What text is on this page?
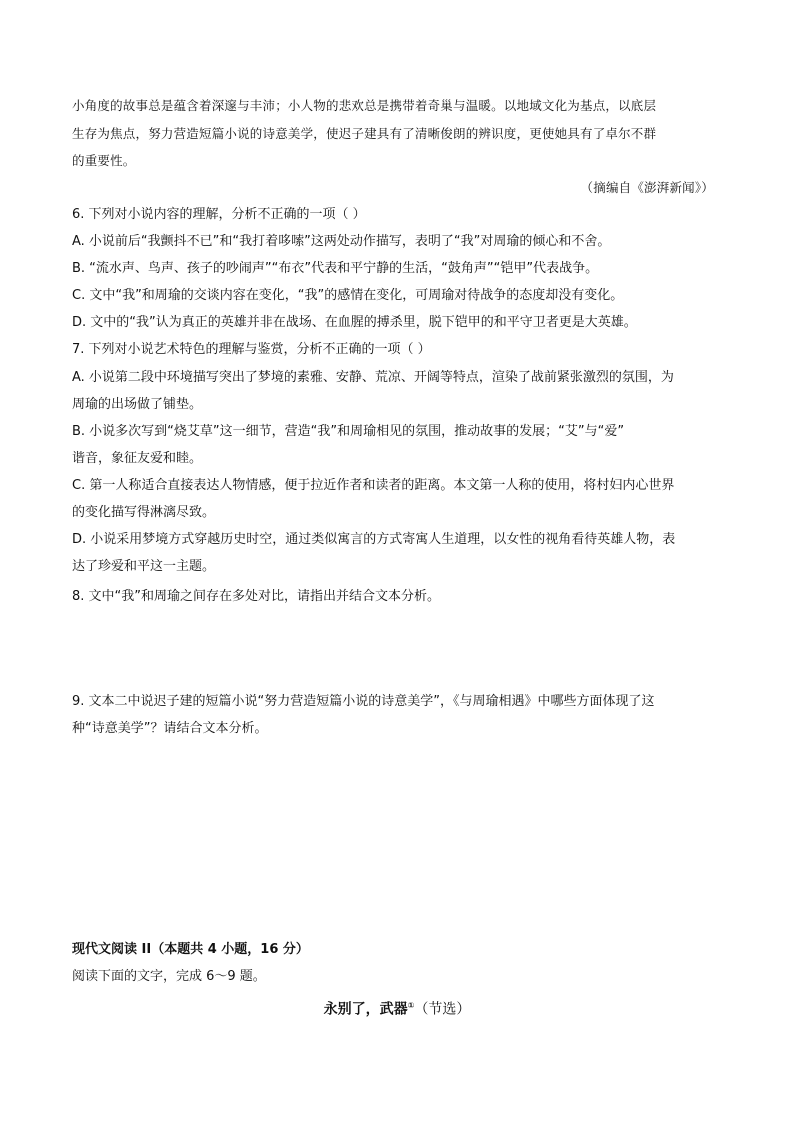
小角度的故事总是蕴含着深邃与丰沛；小人物的悲欢总是携带着奇巢与温暖。以地域文化为基点，以底层
生存为焦点，努力营造短篇小说的诗意美学，使迟子建具有了清晰俊朗的辨识度，更使她具有了卓尔不群
的重要性。
（摘编自《澎湃新闻》）
6. 下列对小说内容的理解，分析不正确的一项（ ）
A. 小说前后“我颤抖不已”和“我打着哆嗦”这两处动作描写，表明了“我”对周瑜的倾心和不舍。
B. “流水声、鸟声、孩子的吵闹声”“布衣”代表和平宁静的生活，“鼓角声”“铠甲”代表战争。
C. 文中“我”和周瑜的交谈内容在变化，“我”的感情在变化，可周瑜对待战争的态度却没有变化。
D. 文中的“我”认为真正的英雄并非在战场、在血腥的搏杀里，脱下铠甲的和平守卫者更是大英雄。
7. 下列对小说艺术特色的理解与鉴赏，分析不正确的一项（ ）
A. 小说第二段中环境描写突出了梦境的素雅、安静、荒凉、开阔等特点，渲染了战前紧张激烈的氛围，为
周瑜的出场做了铺垫。
B. 小说多次写到“烧艾草”这一细节，营造“我”和周瑜相见的氛围，推动故事的发展；“艾”与“爱”
谐音，象征友爱和睦。
C. 第一人称适合直接表达人物情感，便于拉近作者和读者的距离。本文第一人称的使用，将村妇内心世界
的变化描写得淋漓尽致。
D. 小说采用梦境方式穿越历史时空，通过类似寓言的方式寄寓人生道理，以女性的视角看待英雄人物，表
达了珍爱和平这一主题。
8. 文中“我”和周瑜之间存在多处对比，请指出并结合文本分析。
9. 文本二中说迟子建的短篇小说“努力营造短篇小说的诗意美学”，《与周瑜相遇》中哪些方面体现了这
种“诗意美学”？请结合文本分析。
现代文阅读 II（本题共 4 小题，16 分）
阅读下面的文字，完成 6～9 题。
永别了，武器①（节选）
